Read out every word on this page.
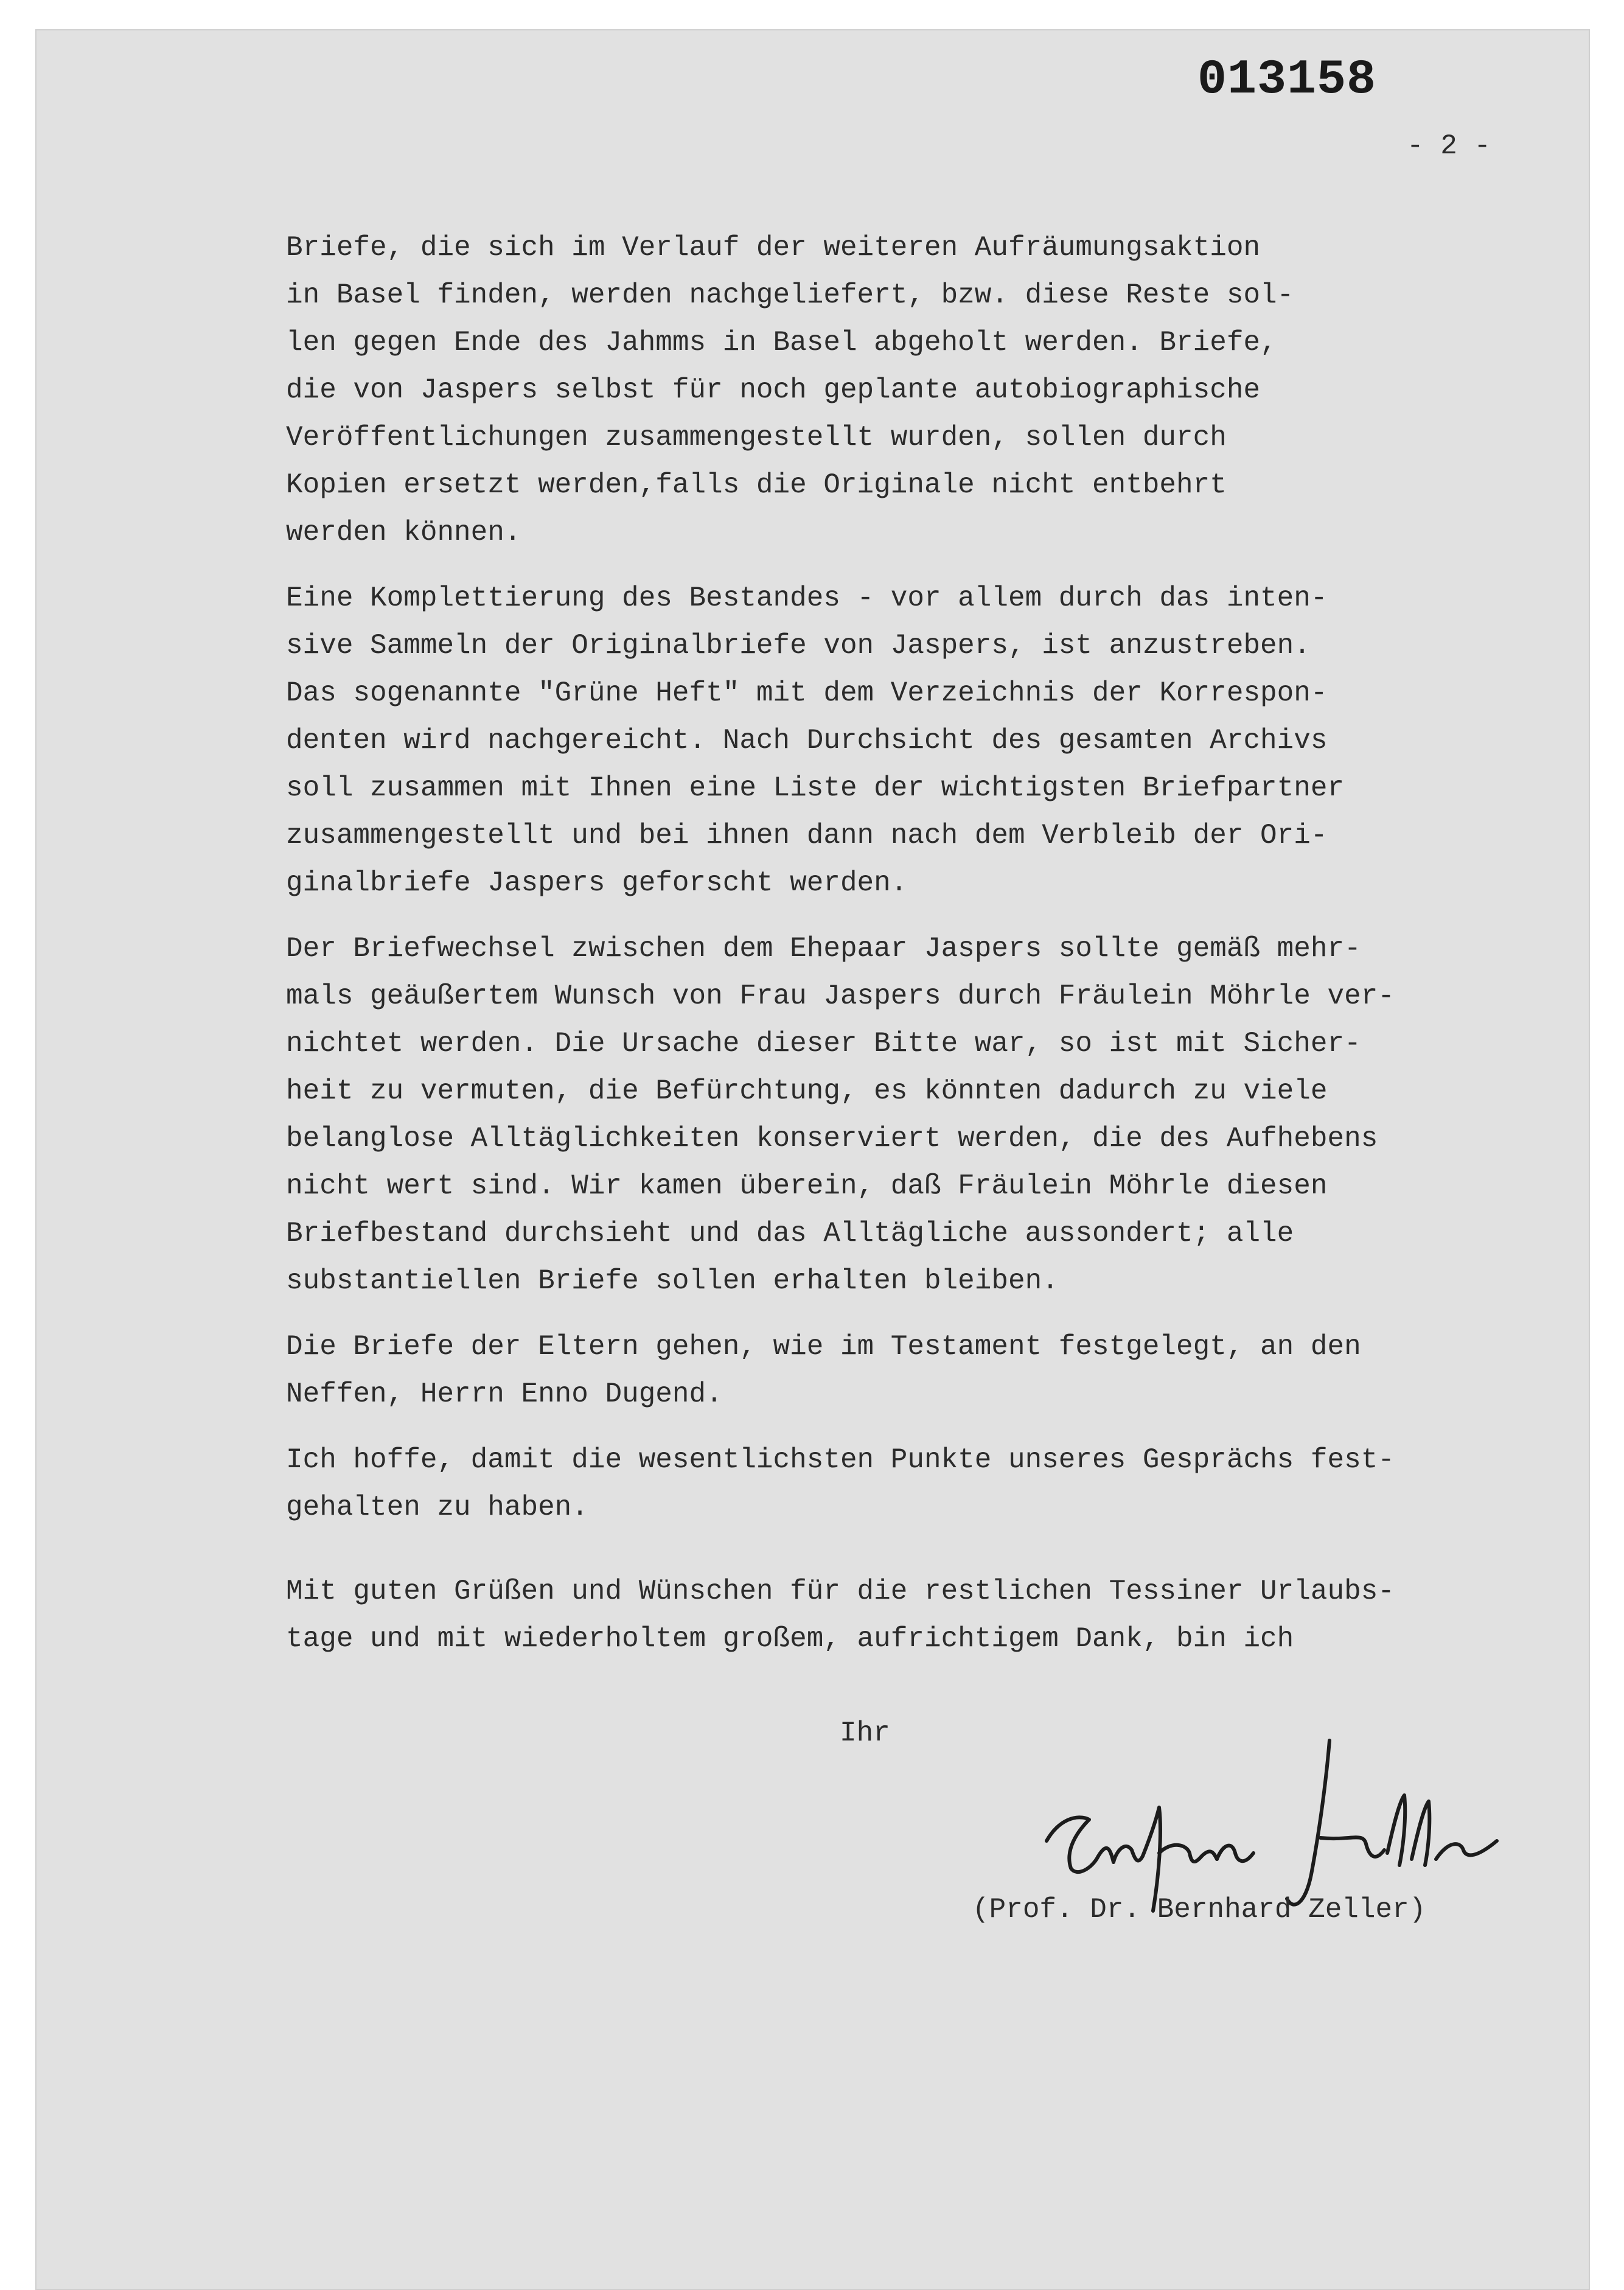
013158
- 2 -
Briefe, die sich im Verlauf der weiteren Aufräumungsaktion
in Basel finden, werden nachgeliefert, bzw. diese Reste sol-
len gegen Ende des Jahmms in Basel abgeholt werden. Briefe,
die von Jaspers selbst für noch geplante autobiographische
Veröffentlichungen zusammengestellt wurden, sollen durch
Kopien ersetzt werden,falls die Originale nicht entbehrt
werden können.
Eine Komplettierung des Bestandes - vor allem durch das inten-
sive Sammeln der Originalbriefe von Jaspers, ist anzustreben.
Das sogenannte "Grüne Heft" mit dem Verzeichnis der Korrespon-
denten wird nachgereicht. Nach Durchsicht des gesamten Archivs
soll zusammen mit Ihnen eine Liste der wichtigsten Briefpartner
zusammengestellt und bei ihnen dann nach dem Verbleib der Ori-
ginalbriefe Jaspers geforscht werden.
Der Briefwechsel zwischen dem Ehepaar Jaspers sollte gemäß mehr-
mals geäußertem Wunsch von Frau Jaspers durch Fräulein Möhrle ver-
nichtet werden. Die Ursache dieser Bitte war, so ist mit Sicher-
heit zu vermuten, die Befürchtung, es könnten dadurch zu viele
belanglose Alltäglichkeiten konserviert werden, die des Aufhebens
nicht wert sind. Wir kamen überein, daß Fräulein Möhrle diesen
Briefbestand durchsieht und das Alltägliche aussondert; alle
substantiellen Briefe sollen erhalten bleiben.
Die Briefe der Eltern gehen, wie im Testament festgelegt, an den
Neffen, Herrn Enno Dugend.
Ich hoffe, damit die wesentlichsten Punkte unseres Gesprächs fest-
gehalten zu haben.
Mit guten Grüßen und Wünschen für die restlichen Tessiner Urlaubs-
tage und mit wiederholtem großem, aufrichtigem Dank, bin ich
Ihr
(Prof. Dr. Bernhard Zeller)
